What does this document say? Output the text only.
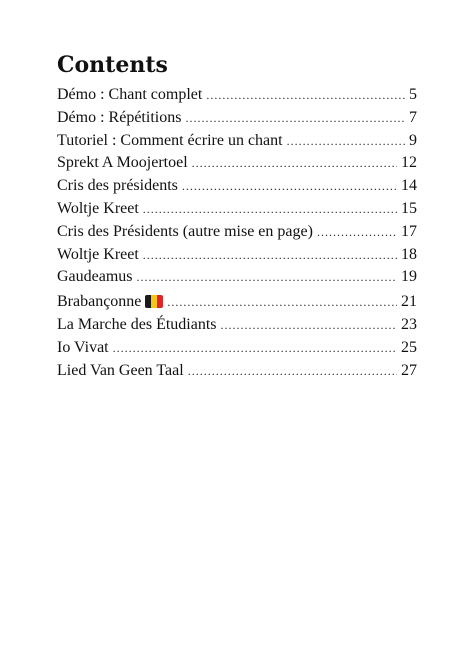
Contents
Démo : Chant complet .....	5
Démo : Répétitions .....	7
Tutoriel : Comment écrire un chant .....	9
Sprekt A Moojertoel .....	12
Cris des présidents .....	14
Woltje Kreet .....	15
Cris des Présidents (autre mise en page) .....	17
Woltje Kreet .....	18
Gaudeamus .....	19
Brabançonne .....	21
La Marche des Étudiants .....	23
Io Vivat .....	25
Lied Van Geen Taal .....	27
